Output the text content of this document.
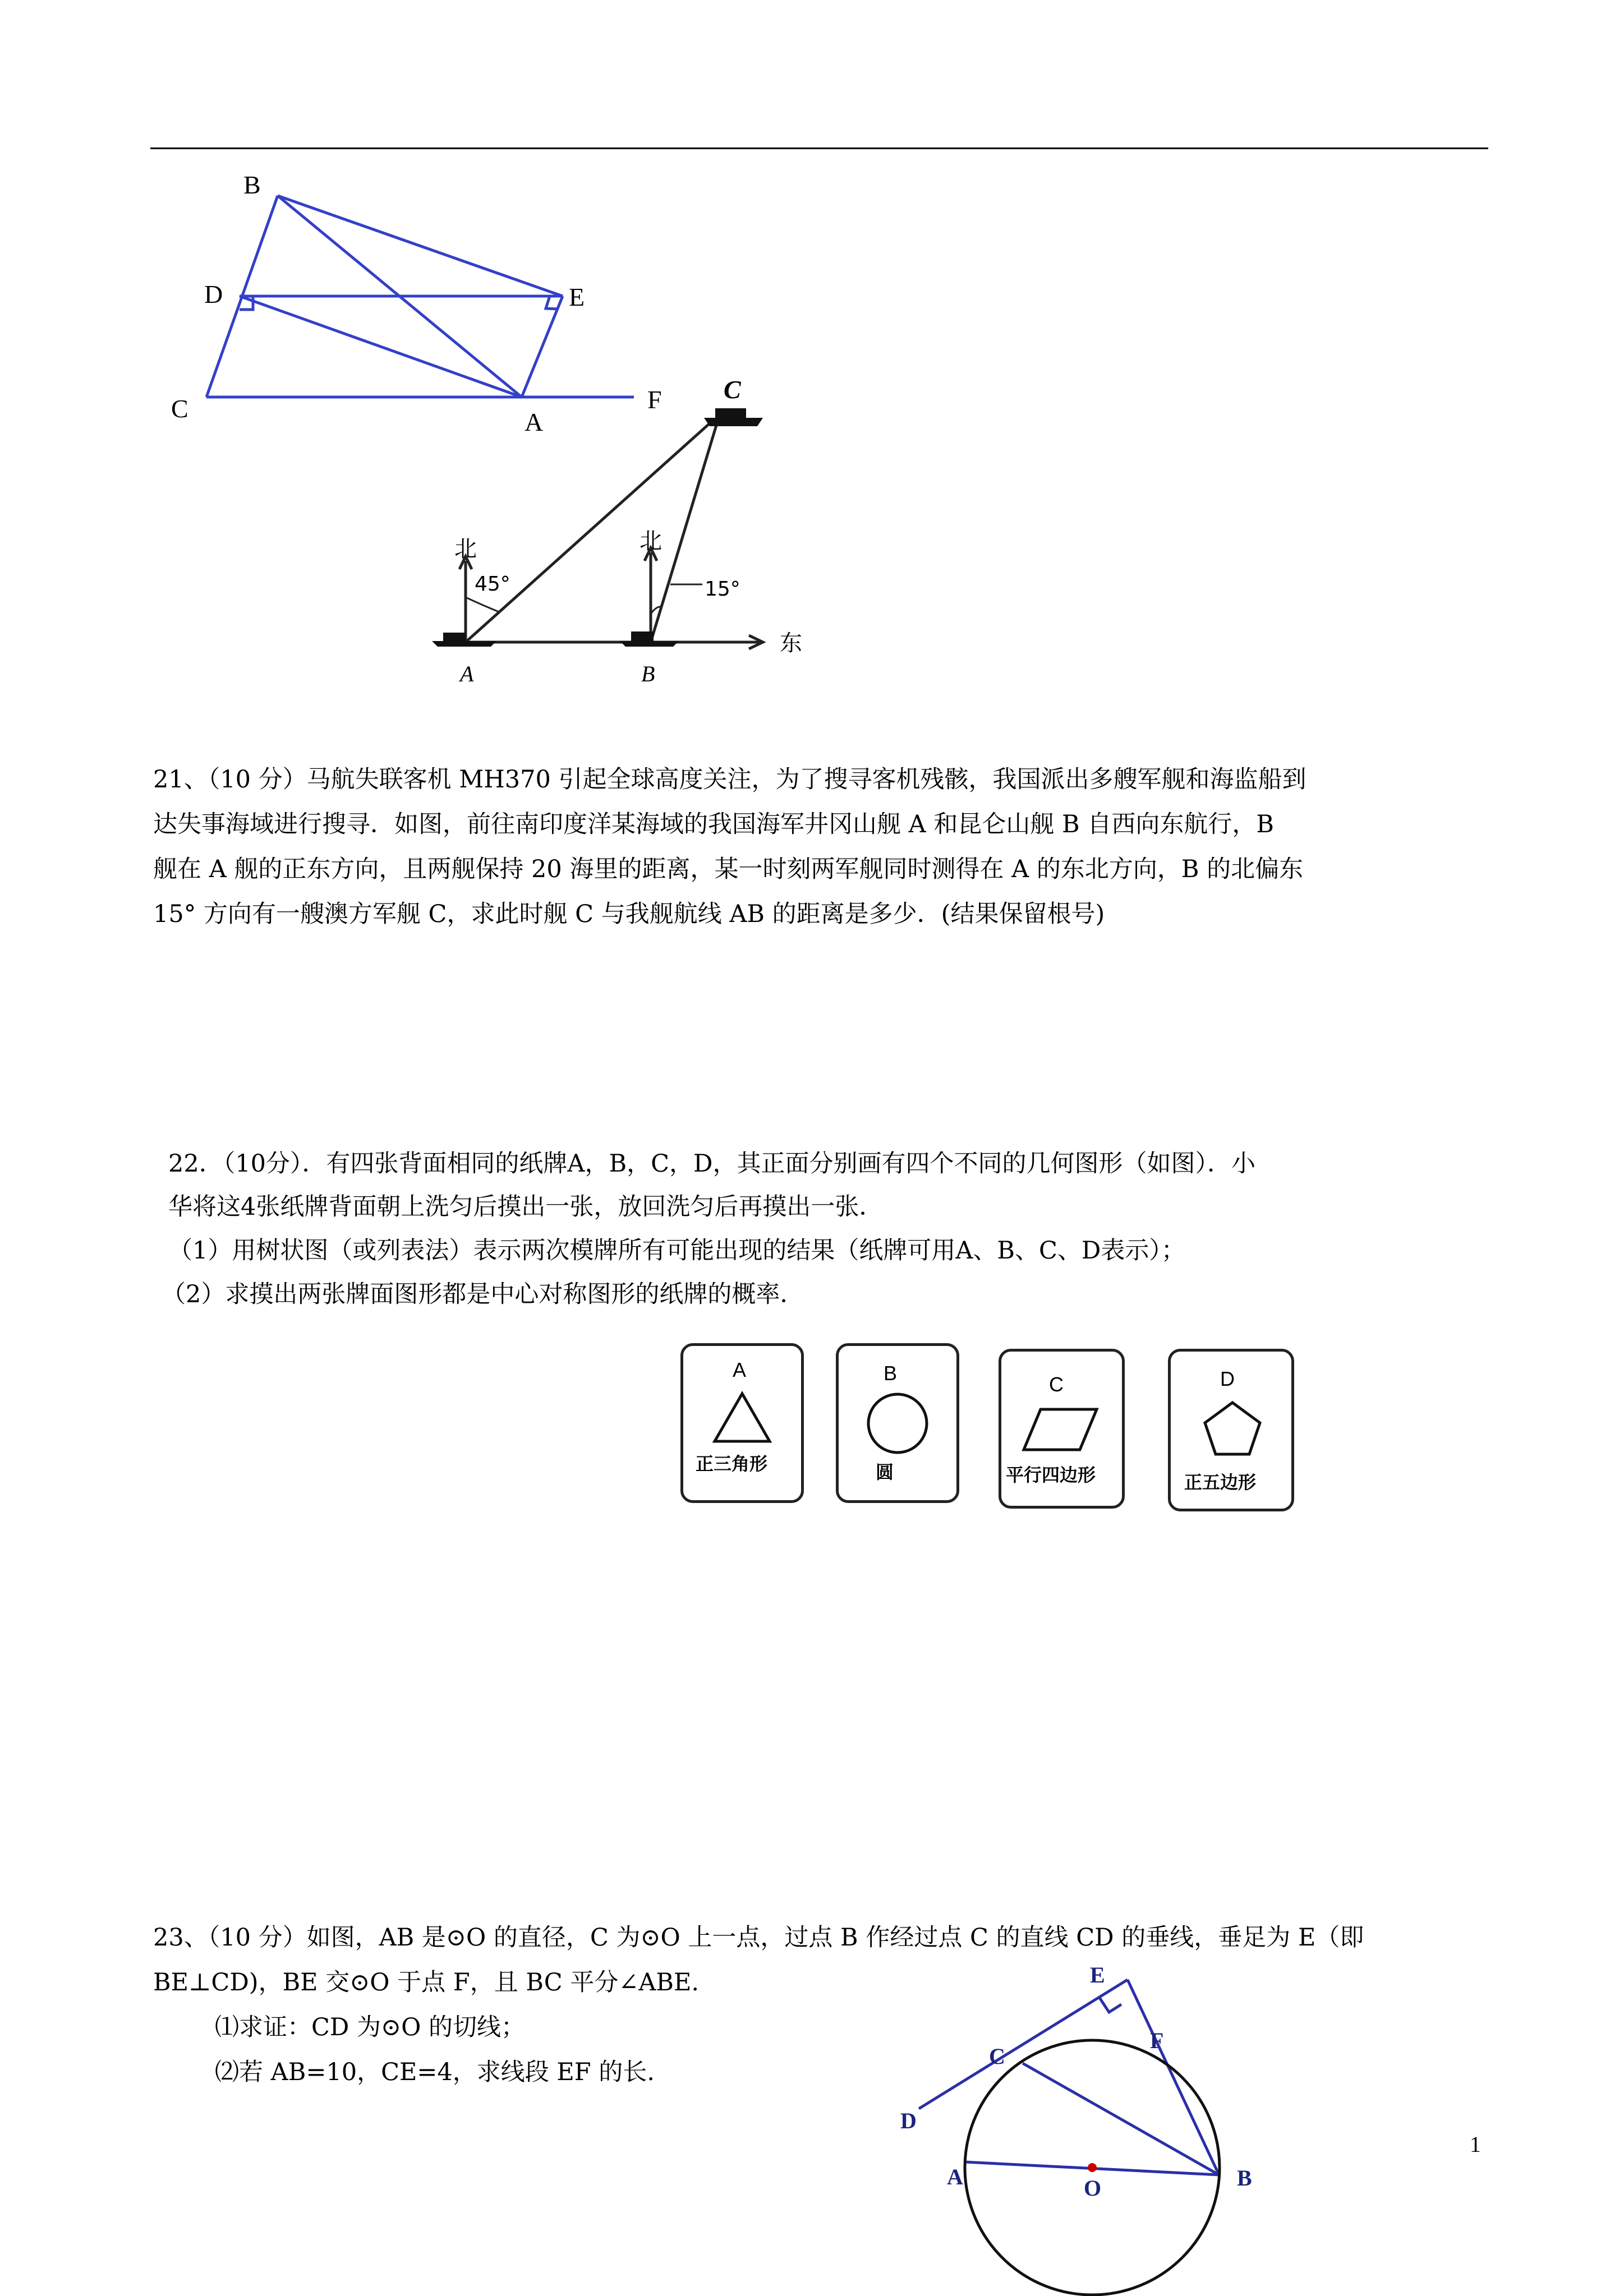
B
D	E
C	A
F C
A	B
北	北
东
45°	15°

21、（10 分）马航失联客机 MH370 引起全球高度关注，为了搜寻客机残骸，我国派出多艘军舰和海监船到

达失事海域进行搜寻．如图，前往南印度洋某海域的我国海军井冈山舰 A 和昆仑山舰 B 自西向东航行，B

舰在 A 舰的正东方向，且两舰保持 20 海里的距离，某一时刻两军舰同时测得在 A 的东北方向，B 的北偏东

15° 方向有一艘澳方军舰 C，求此时舰 C 与我舰航线 AB 的距离是多少．(结果保留根号)

22．（10分）．有四张背面相同的纸牌A，B，C，D，其正面分别画有四个不同的几何图形（如图）．小

华将这4张纸牌背面朝上洗匀后摸出一张，放回洗匀后再摸出一张．

（1）用树状图（或列表法）表示两次模牌所有可能出现的结果（纸牌可用A、B、C、D表示）；

（2）求摸出两张牌面图形都是中心对称图形的纸牌的概率．

A
正三角形
B
圆
C
平行四边形
D
正五边形

23、（10 分）如图，AB 是⊙O 的直径，C 为⊙O 上一点，过点 B 作经过点 C 的直线 CD 的垂线，垂足为 E（即

BE⊥CD)，BE 交⊙O 于点 F，且 BC 平分∠ABE.

⑴求证：CD 为⊙O 的切线；

⑵若 AB=10，CE=4，求线段 EF 的长.

E
C
F
D
A	O	B
1
